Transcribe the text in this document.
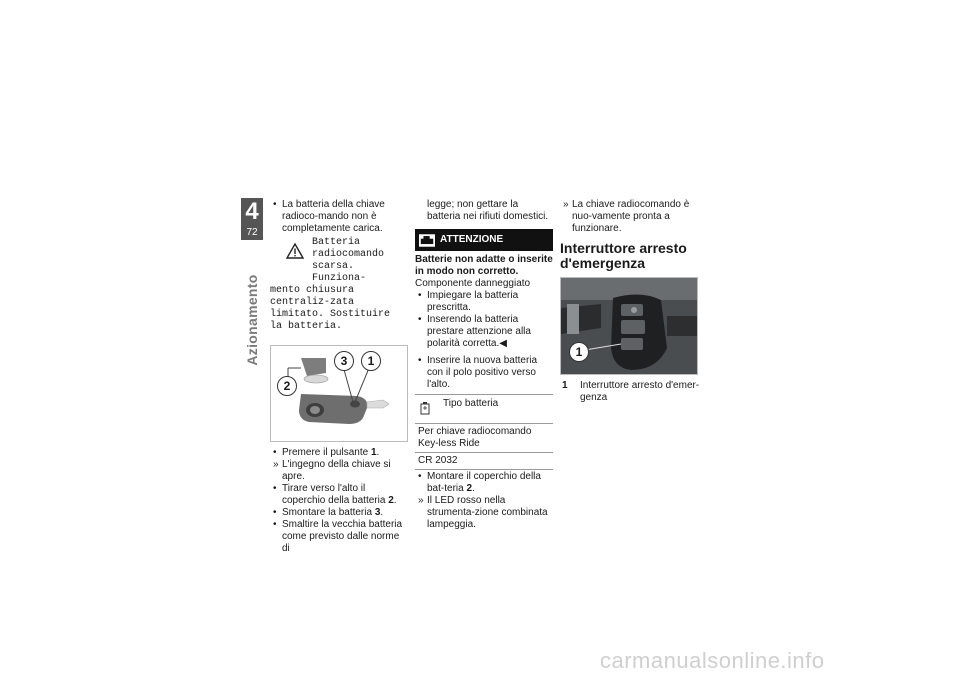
4
72
Azionamento

• La batteria della chiave radioco-mando non è completamente carica.

Batteria radiocomando
scarsa. Funziona-
mento chiusura centraliz-zata limitato. Sostituire la batteria.
3	1
2

• Premere il pulsante 1.

» L'ingegno della chiave si apre.

• Tirare verso l'alto il coperchio della batteria 2.

• Smontare la batteria 3.

• Smaltire la vecchia batteria come previsto dalle norme di

legge; non gettare la batteria nei rifiuti domestici.

ATTENZIONE
Batterie non adatte o inserite in modo non corretto.
Componente danneggiato

• Impiegare la batteria prescritta.

• Inserendo la batteria prestare attenzione alla polarità corretta.◀

• Inserire la nuova batteria con il polo positivo verso l'alto.

Tipo batteria
Per chiave radiocomando Key-less Ride
CR 2032

• Montare il coperchio della bat-teria 2.

» Il LED rosso nella strumenta-zione combinata lampeggia.

» La chiave radiocomando è nuo-vamente pronta a funzionare.

Interruttore arresto d'emergenza
1
1	Interruttore arresto d'emer-genza
carmanualsonline.info
